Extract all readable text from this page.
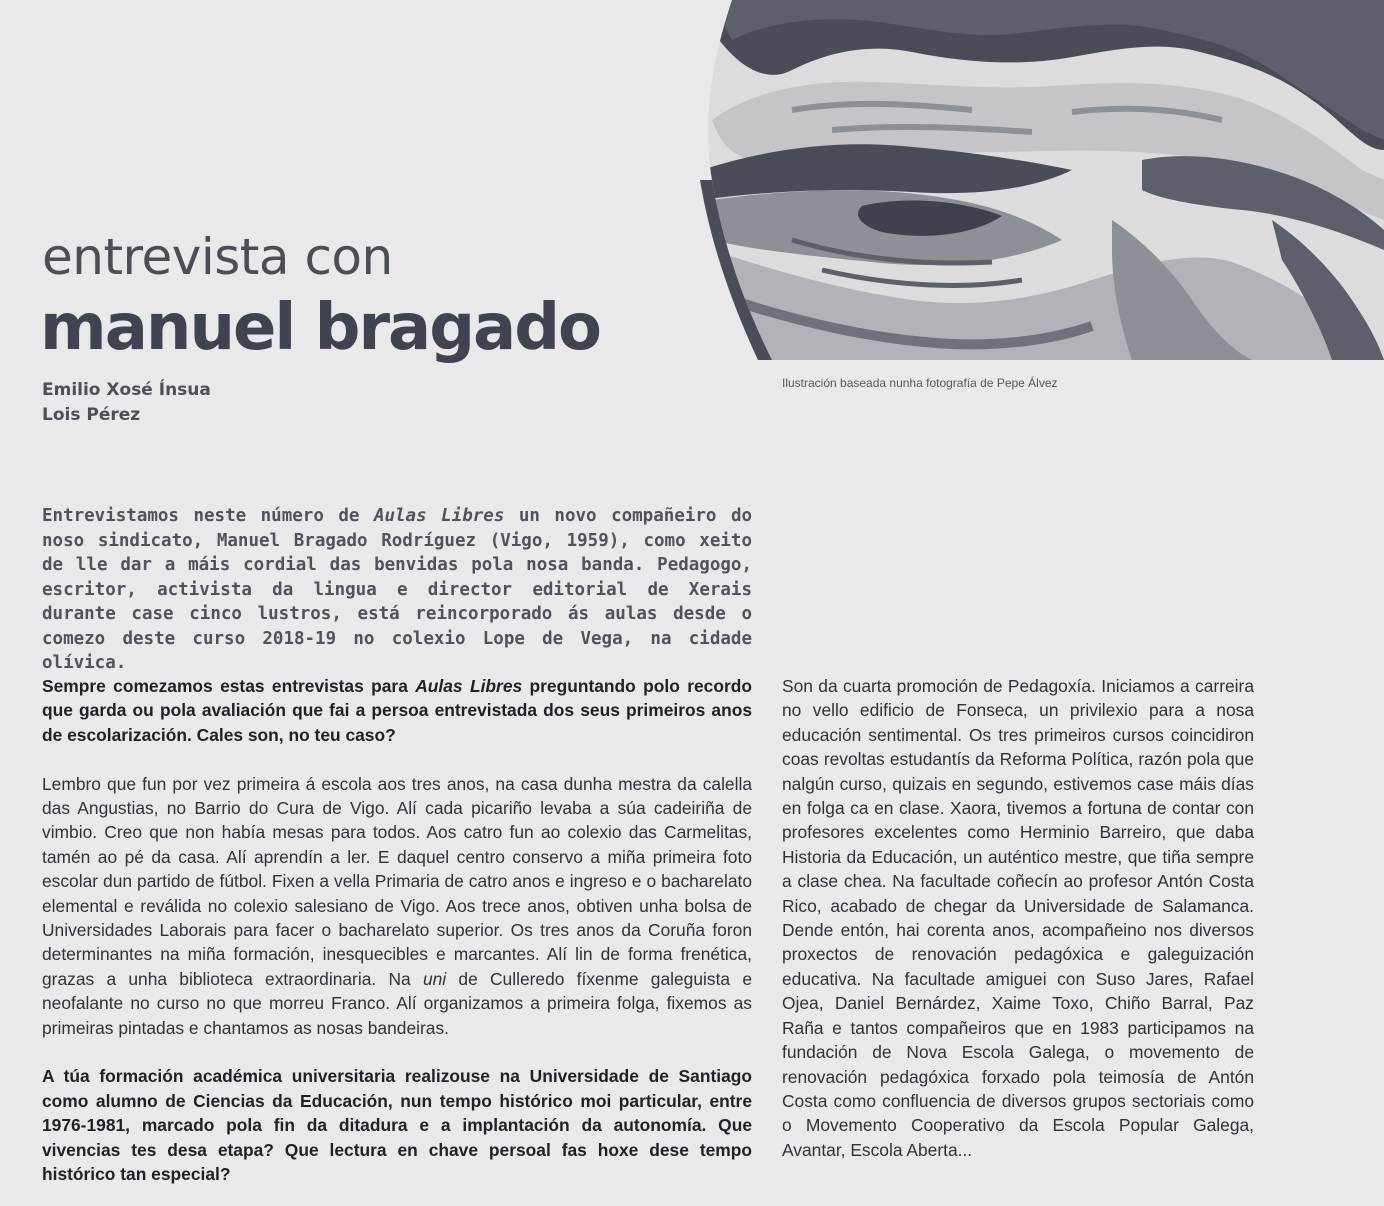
Ilustración baseada nunha fotografía de Pepe Álvez
entrevista con
manuel bragado
Emilio Xosé Ínsua
Lois Pérez

Entrevistamos neste número de Aulas Libres un novo compañeiro do noso sindicato, Manuel Bragado Rodríguez (Vigo, 1959), como xeito de lle dar a máis cordial das benvidas pola nosa banda. Pedagogo, escritor, activista da lingua e director editorial de Xerais durante case cinco lustros, está reincorporado ás aulas desde o comezo deste curso 2018-19 no colexio Lope de Vega, na cidade olívica.

Sempre comezamos estas entrevistas para Aulas Libres preguntando polo recordo que garda ou pola avaliación que fai a persoa entrevistada dos seus primeiros anos de escolarización. Cales son, no teu caso?

Lembro que fun por vez primeira á escola aos tres anos, na casa dunha mestra da calella das Angustias, no Barrio do Cura de Vigo. Alí cada picariño levaba a súa cadeiriña de vimbio. Creo que non había mesas para todos. Aos catro fun ao colexio das Carmelitas, tamén ao pé da casa. Alí aprendín a ler. E daquel centro conservo a miña primeira foto escolar dun partido de fútbol. Fixen a vella Primaria de catro anos e ingreso e o bacharelato elemental e reválida no colexio salesiano de Vigo. Aos trece anos, obtiven unha bolsa de Universidades Laborais para facer o bacharelato superior. Os tres anos da Coruña foron determinantes na miña formación, inesquecibles e marcantes. Alí lin de forma frenética, grazas a unha biblioteca extraordinaria. Na uni de Culleredo fíxenme galeguista e neofalante no curso no que morreu Franco. Alí organizamos a primeira folga, fixemos as primeiras pintadas e chantamos as nosas bandeiras.

A túa formación académica universitaria realizouse na Universidade de Santiago como alumno de Ciencias da Educación, nun tempo histórico moi particular, entre 1976-1981, marcado pola fin da ditadura e a implantación da autonomía. Que vivencias tes desa etapa? Que lectura en chave persoal fas hoxe dese tempo histórico tan especial?

Son da cuarta promoción de Pedagoxía. Iniciamos a carreira no vello edificio de Fonseca, un privilexio para a nosa educación sentimental. Os tres primeiros cursos coincidiron coas revoltas estudantís da Reforma Política, razón pola que nalgún curso, quizais en segundo, estivemos case máis días en folga ca en clase. Xaora, tivemos a fortuna de contar con profesores excelentes como Herminio Barreiro, que daba Historia da Educación, un auténtico mestre, que tiña sempre a clase chea. Na facultade coñecín ao profesor Antón Costa Rico, acabado de chegar da Universidade de Salamanca. Dende entón, hai corenta anos, acompañeino nos diversos proxectos de renovación pedagóxica e galeguización educativa. Na facultade amiguei con Suso Jares, Rafael Ojea, Daniel Bernárdez, Xaime Toxo, Chiño Barral, Paz Raña e tantos compañeiros que en 1983 participamos na fundación de Nova Escola Galega, o movemento de renovación pedagóxica forxado pola teimosía de Antón Costa como confluencia de diversos grupos sectoriais como o Movemento Cooperativo da Escola Popular Galega, Avantar, Escola Aberta...
